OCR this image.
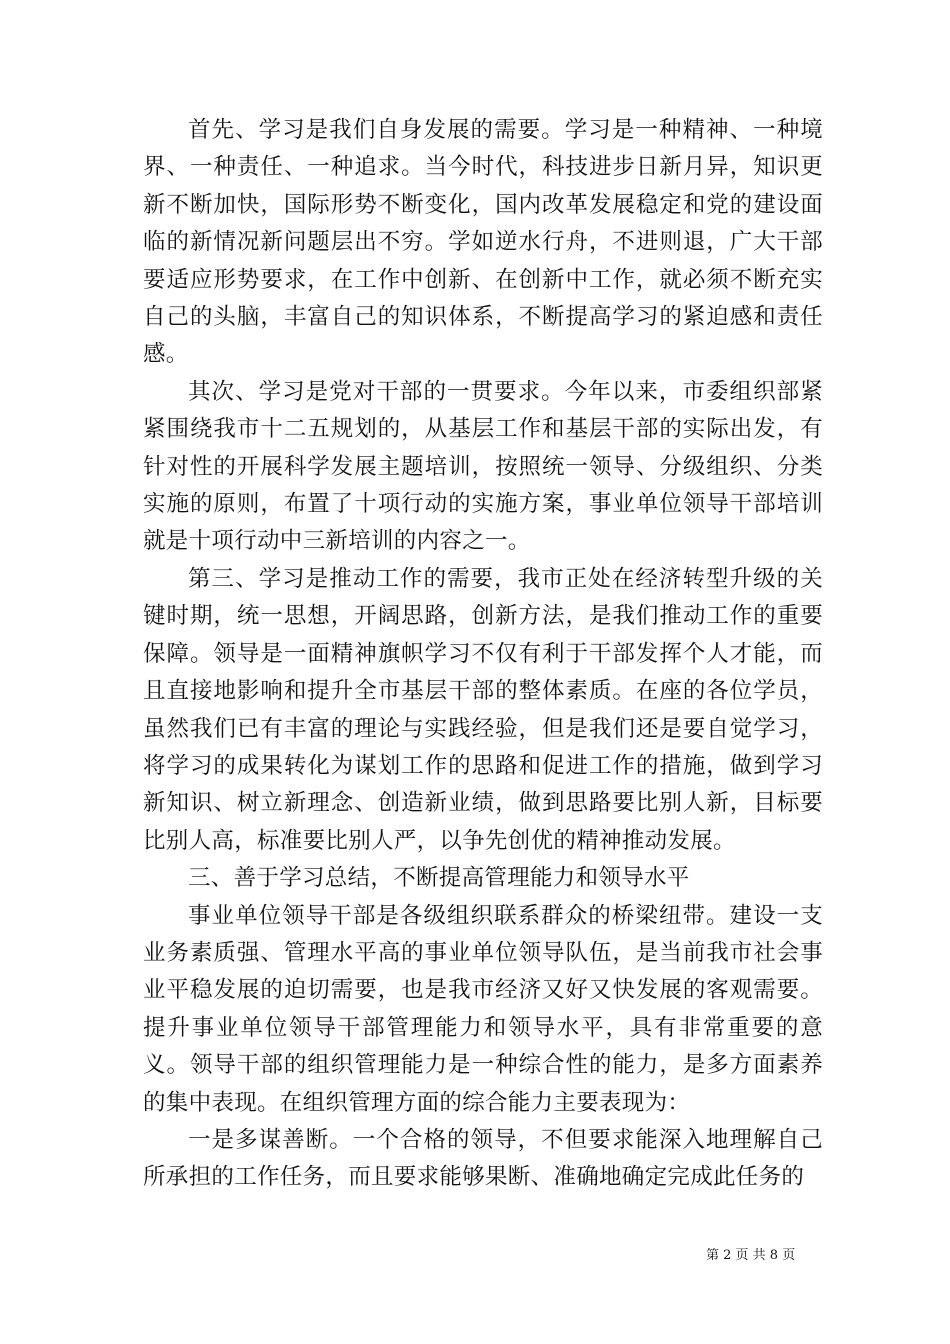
首先、学习是我们自身发展的需要。学习是一种精神、一种境界、一种责任、一种追求。当今时代，科技进步日新月异，知识更新不断加快，国际形势不断变化，国内改革发展稳定和党的建设面临的新情况新问题层出不穷。学如逆水行舟，不进则退，广大干部要适应形势要求，在工作中创新、在创新中工作，就必须不断充实自己的头脑，丰富自己的知识体系，不断提高学习的紧迫感和责任感。

其次、学习是党对干部的一贯要求。今年以来，市委组织部紧紧围绕我市十二五规划的，从基层工作和基层干部的实际出发，有针对性的开展科学发展主题培训，按照统一领导、分级组织、分类实施的原则，布置了十项行动的实施方案，事业单位领导干部培训就是十项行动中三新培训的内容之一。

第三、学习是推动工作的需要，我市正处在经济转型升级的关键时期，统一思想，开阔思路，创新方法，是我们推动工作的重要保障。领导是一面精神旗帜学习不仅有利于干部发挥个人才能，而且直接地影响和提升全市基层干部的整体素质。在座的各位学员，虽然我们已有丰富的理论与实践经验，但是我们还是要自觉学习，将学习的成果转化为谋划工作的思路和促进工作的措施，做到学习新知识、树立新理念、创造新业绩，做到思路要比别人新，目标要比别人高，标准要比别人严，以争先创优的精神推动发展。

三、善于学习总结，不断提高管理能力和领导水平

事业单位领导干部是各级组织联系群众的桥梁纽带。建设一支业务素质强、管理水平高的事业单位领导队伍，是当前我市社会事业平稳发展的迫切需要，也是我市经济又好又快发展的客观需要。提升事业单位领导干部管理能力和领导水平，具有非常重要的意义。领导干部的组织管理能力是一种综合性的能力，是多方面素养的集中表现。在组织管理方面的综合能力主要表现为：

一是多谋善断。一个合格的领导，不但要求能深入地理解自己所承担的工作任务，而且要求能够果断、准确地确定完成此任务的

第 2 页 共 8 页
